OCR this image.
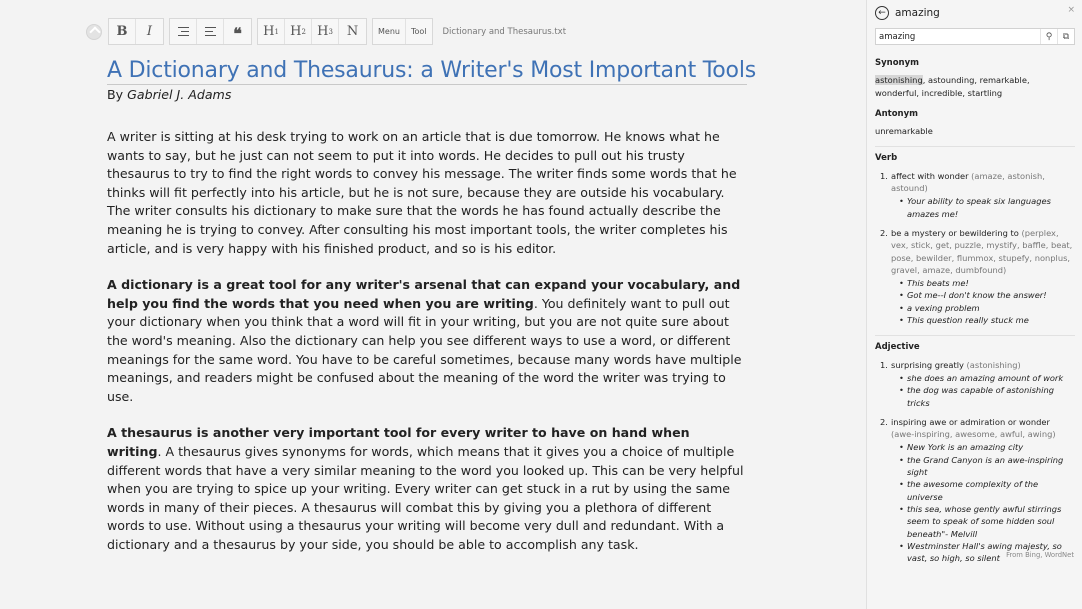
B I	❝ H 1 H 2 H 3 N	Menu	Tool	Dictionary and Thesaurus.txt
A Dictionary and Thesaurus: a Writer's Most Important Tools

By Gabriel J. Adams

A writer is sitting at his desk trying to work on an article that is due tomorrow. He knows what he wants to say, but he just can not seem to put it into words. He decides to pull out his trusty thesaurus to try to find the right words to convey his message. The writer finds some words that he thinks will fit perfectly into his article, but he is not sure, because they are outside his vocabulary. The writer consults his dictionary to make sure that the words he has found actually describe the meaning he is trying to convey. After consulting his most important tools, the writer completes his article, and is very happy with his finished product, and so is his editor.

A dictionary is a great tool for any writer's arsenal that can expand your vocabulary, and help you find the words that you need when you are writing. You definitely want to pull out your dictionary when you think that a word will fit in your writing, but you are not quite sure about the word's meaning. Also the dictionary can help you see different ways to use a word, or different meanings for the same word. You have to be careful sometimes, because many words have multiple meanings, and readers might be confused about the meaning of the word the writer was trying to use.

A thesaurus is another very important tool for every writer to have on hand when writing. A thesaurus gives synonyms for words, which means that it gives you a choice of multiple different words that have a very similar meaning to the word you looked up. This can be very helpful when you are trying to spice up your writing. Every writer can get stuck in a rut by using the same words in many of their pieces. A thesaurus will combat this by giving you a plethora of different words to use. Without using a thesaurus your writing will become very dull and redundant. With a dictionary and a thesaurus by your side, you should be able to accomplish any task.

← amazing	×
amazing
⚲	⧉
Synonym
astonishing, astounding, remarkable, wonderful, incredible, startling
Antonym
unremarkable
Verb
1. affect with wonder (amaze, astonish, astound)
• Your ability to speak six languages amazes me!
2. be a mystery or bewildering to (perplex, vex, stick, get, puzzle, mystify, baffle, beat, pose, bewilder, flummox, stupefy, nonplus, gravel, amaze, dumbfound)
• This beats me!
• Got me--I don't know the answer!
• a vexing problem
• This question really stuck me
Adjective
1. surprising greatly (astonishing)
• she does an amazing amount of work
• the dog was capable of astonishing tricks
2. inspiring awe or admiration or wonder (awe-inspiring, awesome, awful, awing)
• New York is an amazing city
• the Grand Canyon is an awe-inspiring sight
• the awesome complexity of the universe
• this sea, whose gently awful stirrings seem to speak of some hidden soul beneath"- Melvill
• Westminster Hall's awing majesty, so vast, so high, so silent From Bing, WordNet
